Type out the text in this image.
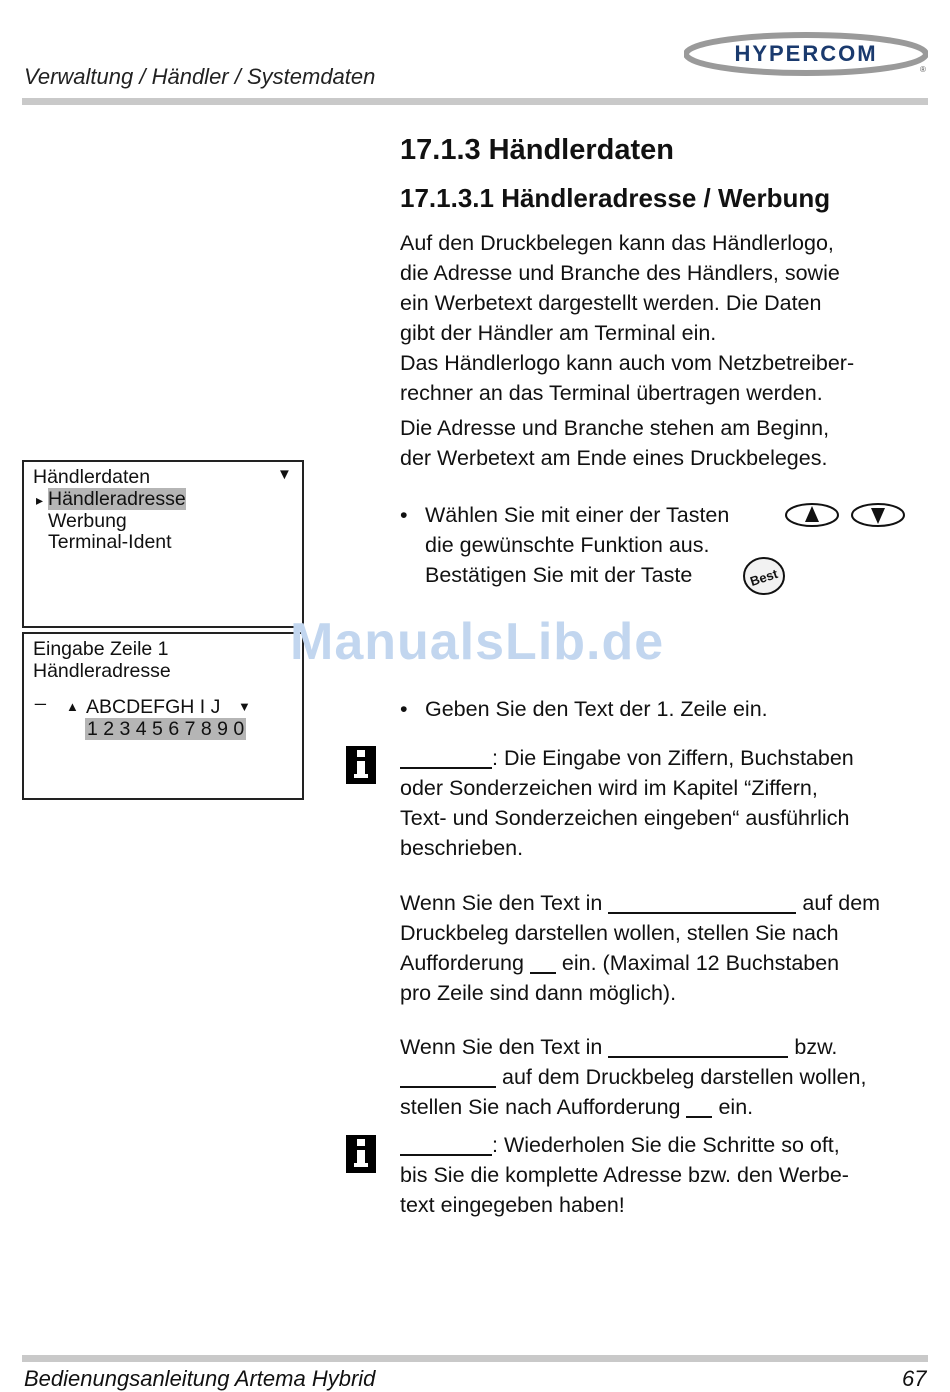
Verwaltung / Händler / Systemdaten
HYPERCOM
®
17.1.3 Händlerdaten
17.1.3.1 Händleradresse / Werbung
Auf den Druckbelegen kann das Händlerlogo,
die Adresse und Branche des Händlers, sowie
ein Werbetext dargestellt werden. Die Daten
gibt der Händler am Terminal ein.
Das Händlerlogo kann auch vom Netzbetreiber-
rechner an das Terminal übertragen werden.
Die Adresse und Branche stehen am Beginn,
der Werbetext am Ende eines Druckbeleges.
• Wählen Sie mit einer der Tasten
die gewünschte Funktion aus.
Bestätigen Sie mit der Taste	Best
• Geben Sie den Text der 1. Zeile ein.
: Die Eingabe von Ziffern, Buchstaben
oder Sonderzeichen wird im Kapitel “Ziffern,
Text- und Sonderzeichen eingeben“ ausführlich
beschrieben.
Wenn Sie den Text in	auf dem
Druckbeleg darstellen wollen, stellen Sie nach
Aufforderung ein. (Maximal 12 Buchstaben
pro Zeile sind dann möglich).
Wenn Sie den Text in	bzw.
auf dem Druckbeleg darstellen wollen,
stellen Sie nach Aufforderung ein.
: Wiederholen Sie die Schritte so oft,
bis Sie die komplette Adresse bzw. den Werbe-
text eingegeben haben!
Händlerdaten	▼
▸ Händleradresse
Werbung
Terminal-Ident
Eingabe Zeile 1
Händleradresse
_
▲ ABCDEFGH I J ▼
1 2 3 4 5 6 7 8 9 0
ManualsLib.de
Bedienungsanleitung Artema Hybrid	67
